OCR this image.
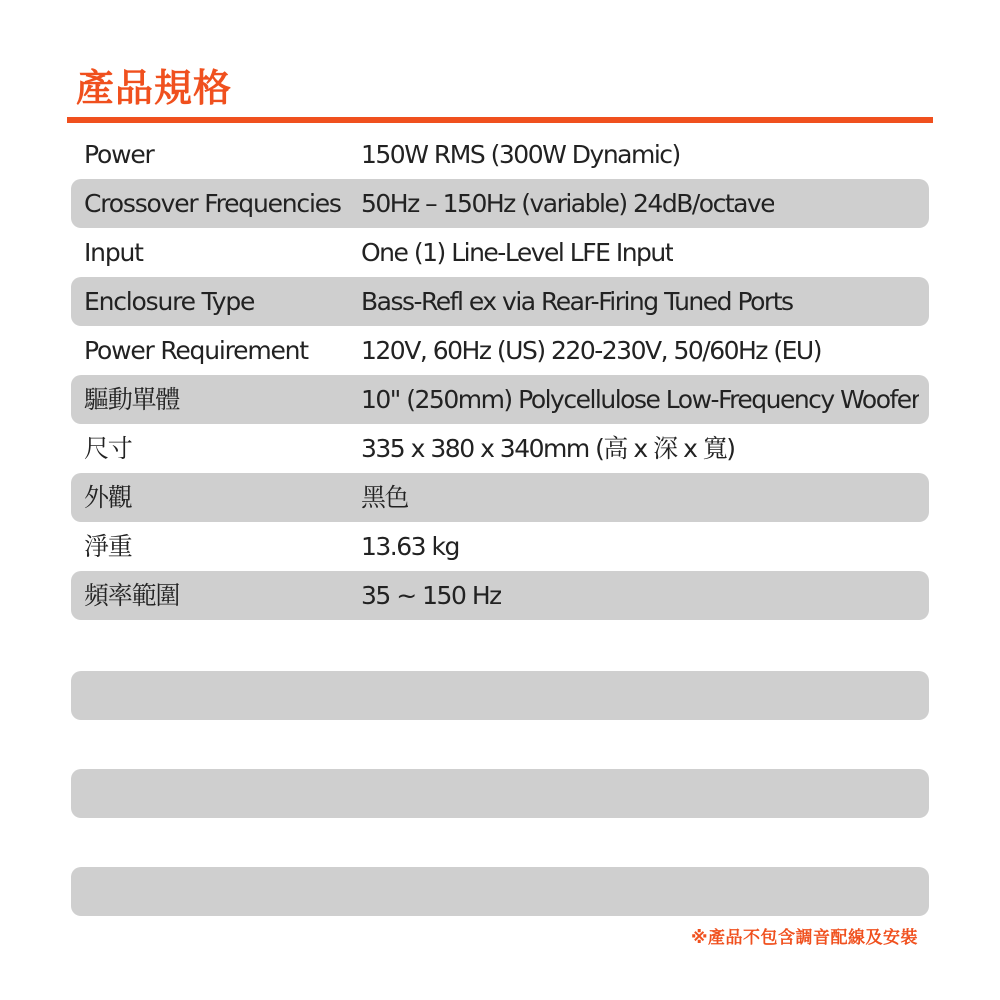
產品規格
Power	150W RMS (300W Dynamic)
Crossover Frequencies 50Hz – 150Hz (variable) 24dB/octave
Input	One (1) Line-Level LFE Input
Enclosure Type	Bass-Refl ex via Rear-Firing Tuned Ports
Power Requirement 120V, 60Hz (US) 220-230V, 50/60Hz (EU)
驅動單體	10" (250mm) Polycellulose Low-Frequency Woofer
尺寸	335 x 380 x 340mm (高 x 深 x 寬)
外觀	黑色
淨重	13.63 kg
頻率範圍	35 ~ 150 Hz

※產品不包含調音配線及安裝
